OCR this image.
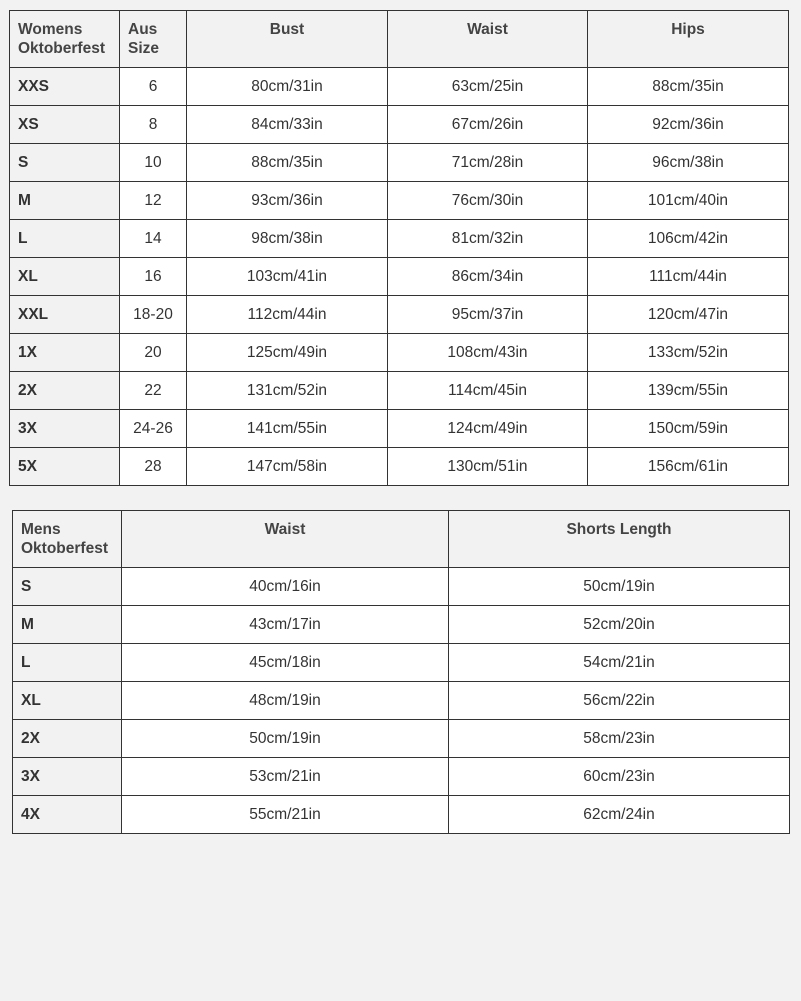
Womens Oktoberfest	Aus Size	Bust	Waist	Hips
XXS	6	80cm/31in	63cm/25in	88cm/35in
XS	8	84cm/33in	67cm/26in	92cm/36in
S	10	88cm/35in	71cm/28in	96cm/38in
M	12	93cm/36in	76cm/30in	101cm/40in
L	14	98cm/38in	81cm/32in	106cm/42in
XL	16	103cm/41in	86cm/34in	111cm/44in
XXL	18-20	112cm/44in	95cm/37in	120cm/47in
1X	20	125cm/49in	108cm/43in	133cm/52in
2X	22	131cm/52in	114cm/45in	139cm/55in
3X	24-26	141cm/55in	124cm/49in	150cm/59in
5X	28	147cm/58in	130cm/51in	156cm/61in
Mens Oktoberfest	Waist	Shorts Length
S	40cm/16in	50cm/19in
M	43cm/17in	52cm/20in
L	45cm/18in	54cm/21in
XL	48cm/19in	56cm/22in
2X	50cm/19in	58cm/23in
3X	53cm/21in	60cm/23in
4X	55cm/21in	62cm/24in
